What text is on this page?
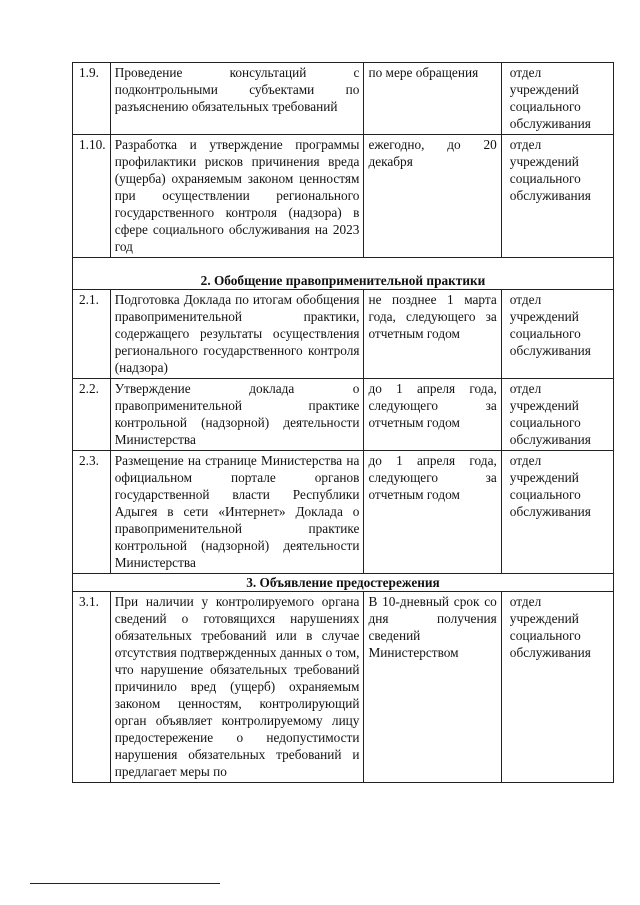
1.9.	Проведение консультаций с подконтрольными субъектами по разъяснению обязательных требований	по мере обращения	отдел учреждений социального обслуживания
1.10.	Разработка и утверждение программы профилактики рисков причинения вреда (ущерба) охраняемым законом ценностям при осуществлении регионального государственного контроля (надзора) в сфере социального обслуживания на 2023 год	ежегодно, до 20 декабря	отдел учреждений социального обслуживания

2. Обобщение правоприменительной практики			
2.1.	Подготовка Доклада по итогам обобщения правоприменительной практики, содержащего результаты осуществления регионального государственного контроля (надзора)	не позднее 1 марта года, следующего за отчетным годом	отдел учреждений социального обслуживания
2.2.	Утверждение доклада о правоприменительной практике контрольной (надзорной) деятельности Министерства	до 1 апреля года, следующего за отчетным годом	отдел учреждений социального обслуживания
2.3.	Размещение на странице Министерства на официальном портале органов государственной власти Республики Адыгея в сети «Интернет» Доклада о правоприменительной практике контрольной (надзорной) деятельности Министерства	до 1 апреля года, следующего за отчетным годом	отдел учреждений социального обслуживания
3. Объявление предостережения			
3.1.	При наличии у контролируемого органа сведений о готовящихся нарушениях обязательных требований или в случае отсутствия подтвержденных данных о том, что нарушение обязательных требований причинило вред (ущерб) охраняемым законом ценностям, контролирующий орган объявляет контролируемому лицу предостережение о недопустимости нарушения обязательных требований и предлагает меры по	В 10-дневный срок со дня получения сведений Министерством	отдел учреждений социального обслуживания
